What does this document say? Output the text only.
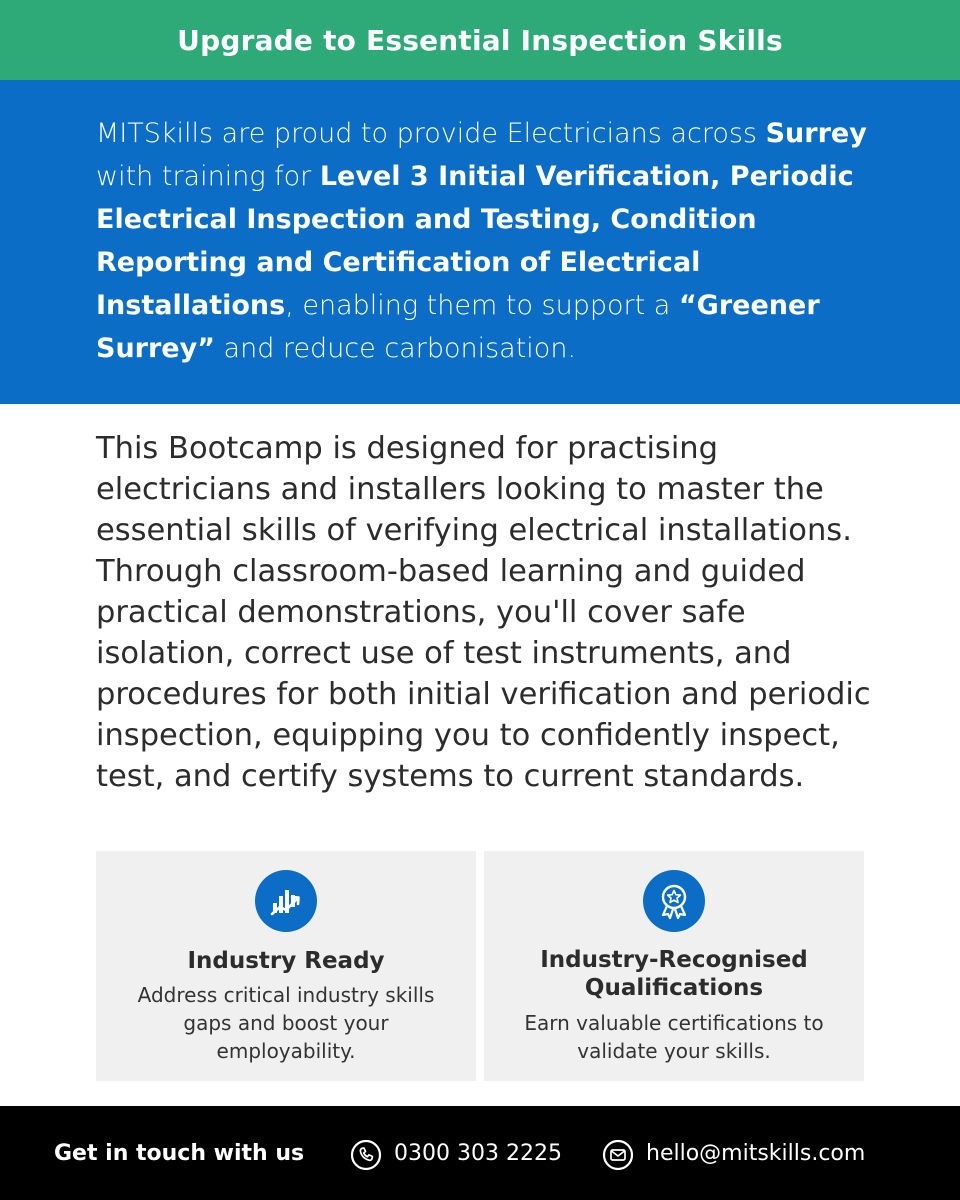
Upgrade to Essential Inspection Skills

MITSkills are proud to provide Electricians across Surrey with training for Level 3 Initial Verification, Periodic Electrical Inspection and Testing, Condition Reporting and Certification of Electrical Installations, enabling them to support a “Greener Surrey” and reduce carbonisation.

This Bootcamp is designed for practising electricians and installers looking to master the essential skills of verifying electrical installations. Through classroom-based learning and guided practical demonstrations, you'll cover safe isolation, correct use of test instruments, and procedures for both initial verification and periodic inspection, equipping you to confidently inspect, test, and certify systems to current standards.

Industry Ready

Address critical industry skills gaps and boost your employability.

Industry-Recognised Qualifications

Earn valuable certifications to validate your skills.

Get in touch with us	0300 303 2225	hello@mitskills.com
